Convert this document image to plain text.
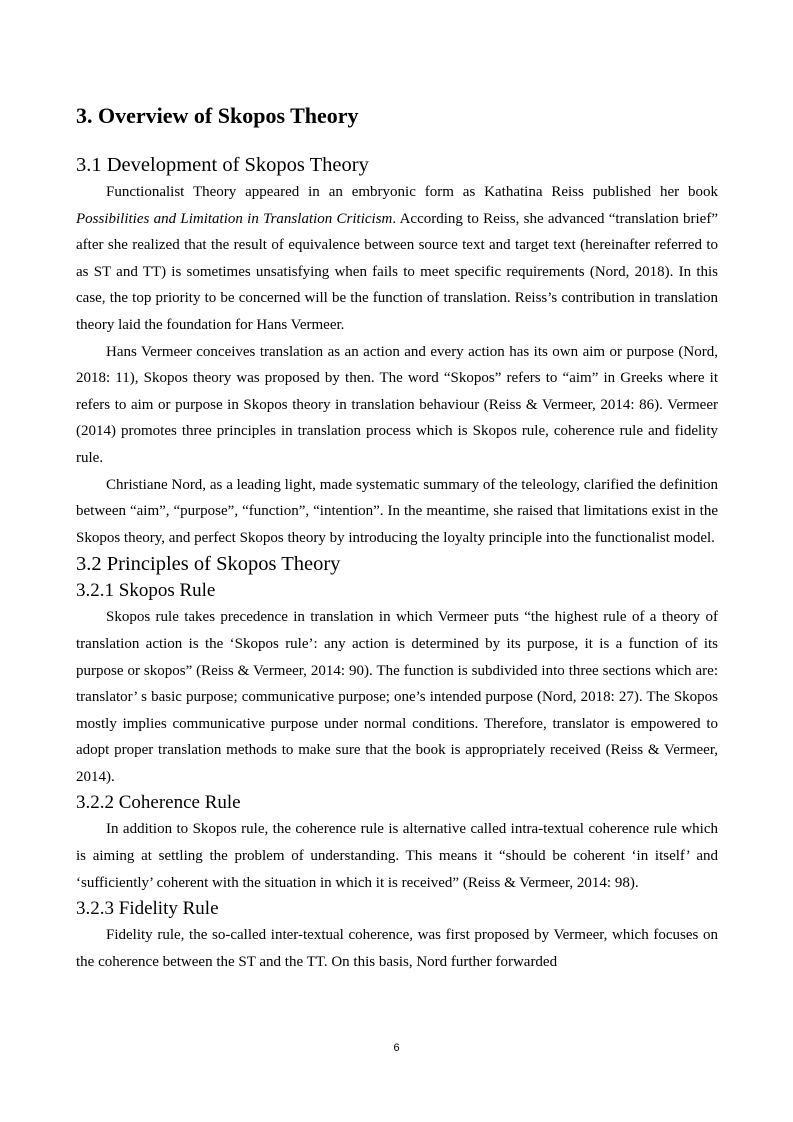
3. Overview of Skopos Theory
3.1 Development of Skopos Theory

Functionalist Theory appeared in an embryonic form as Kathatina Reiss published her book Possibilities and Limitation in Translation Criticism. According to Reiss, she advanced “translation brief” after she realized that the result of equivalence between source text and target text (hereinafter referred to as ST and TT) is sometimes unsatisfying when fails to meet specific requirements (Nord, 2018). In this case, the top priority to be concerned will be the function of translation. Reiss’s contribution in translation theory laid the foundation for Hans Vermeer.

Hans Vermeer conceives translation as an action and every action has its own aim or purpose (Nord, 2018: 11), Skopos theory was proposed by then. The word “Skopos” refers to “aim” in Greeks where it refers to aim or purpose in Skopos theory in translation behaviour (Reiss & Vermeer, 2014: 86). Vermeer (2014) promotes three principles in translation process which is Skopos rule, coherence rule and fidelity rule.

Christiane Nord, as a leading light, made systematic summary of the teleology, clarified the definition between “aim”, “purpose”, “function”, “intention”. In the meantime, she raised that limitations exist in the Skopos theory, and perfect Skopos theory by introducing the loyalty principle into the functionalist model.

3.2 Principles of Skopos Theory
3.2.1 Skopos Rule

Skopos rule takes precedence in translation in which Vermeer puts “the highest rule of a theory of translation action is the ‘Skopos rule’: any action is determined by its purpose, it is a function of its purpose or skopos” (Reiss & Vermeer, 2014: 90). The function is subdivided into three sections which are: translator’ s basic purpose; communicative purpose; one’s intended purpose (Nord, 2018: 27). The Skopos mostly implies communicative purpose under normal conditions. Therefore, translator is empowered to adopt proper translation methods to make sure that the book is appropriately received (Reiss & Vermeer, 2014).

3.2.2 Coherence Rule

In addition to Skopos rule, the coherence rule is alternative called intra-textual coherence rule which is aiming at settling the problem of understanding. This means it “should be coherent ‘in itself’ and ‘sufficiently’ coherent with the situation in which it is received” (Reiss & Vermeer, 2014: 98).

3.2.3 Fidelity Rule

Fidelity rule, the so-called inter-textual coherence, was first proposed by Vermeer, which focuses on the coherence between the ST and the TT. On this basis, Nord further forwarded

6
